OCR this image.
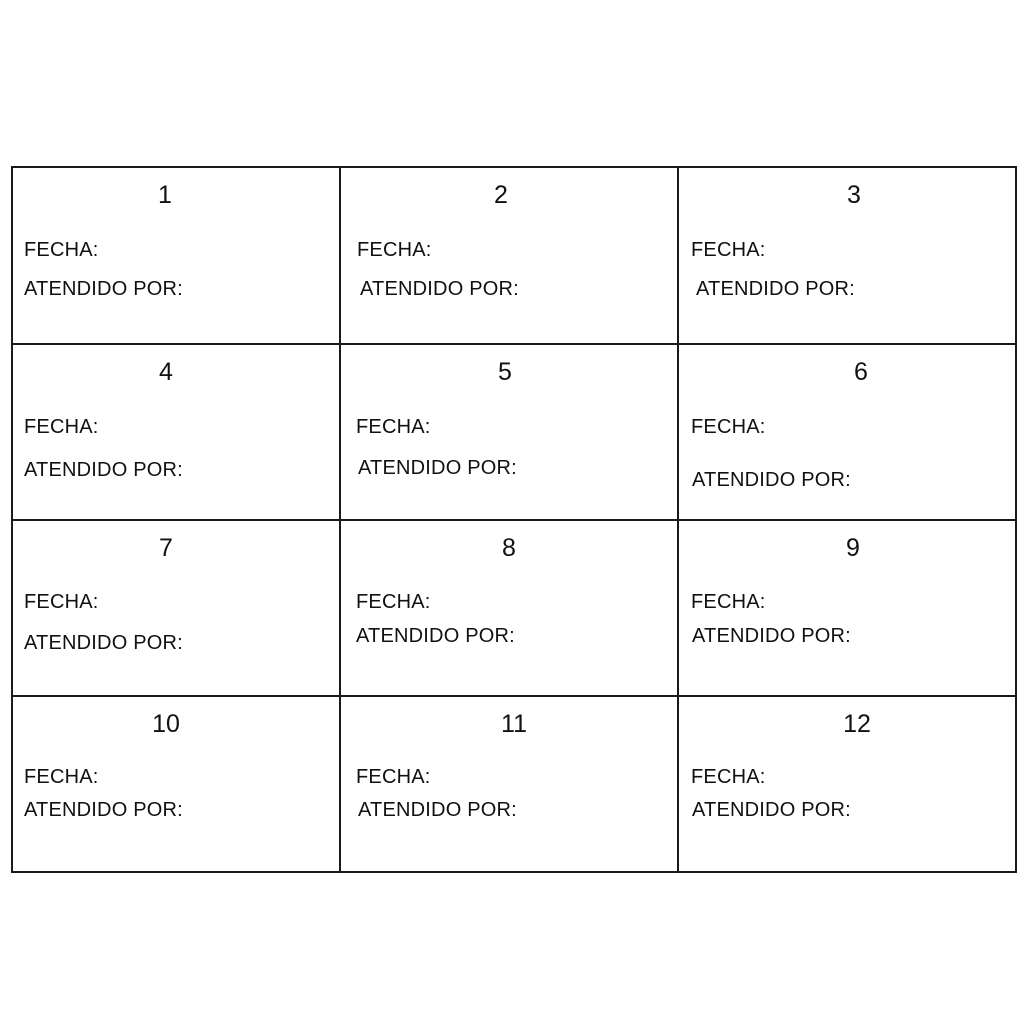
1
FECHA:
ATENDIDO POR:
2
FECHA:
ATENDIDO POR:
3
FECHA:
ATENDIDO POR:
4
FECHA:
ATENDIDO POR:
5
FECHA:
ATENDIDO POR:
6
FECHA:
ATENDIDO POR:
7
FECHA:
ATENDIDO POR:
8
FECHA:
ATENDIDO POR:
9
FECHA:
ATENDIDO POR:
10
FECHA:
ATENDIDO POR:
11
FECHA:
ATENDIDO POR:
12
FECHA:
ATENDIDO POR:
